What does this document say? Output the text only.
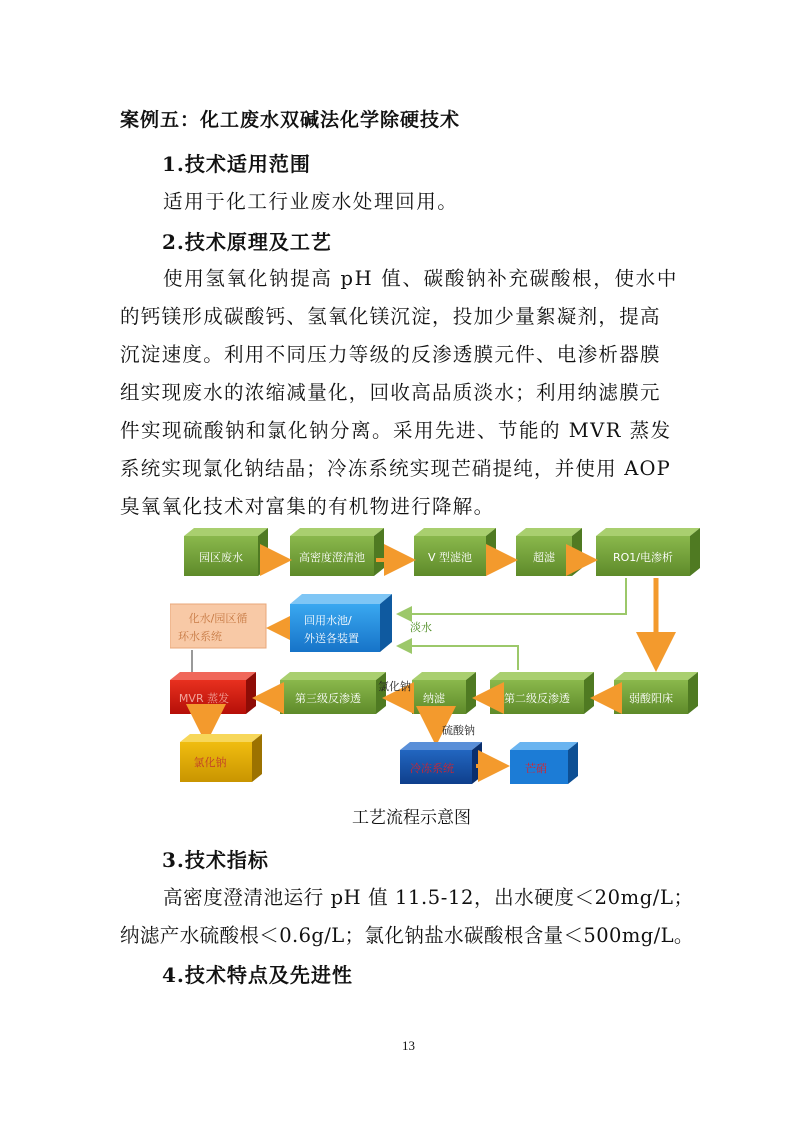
案例五：化工废水双碱法化学除硬技术
1.技术适用范围
适用于化工行业废水处理回用。
2.技术原理及工艺
使用氢氧化钠提高 pH 值、碳酸钠补充碳酸根，使水中
的钙镁形成碳酸钙、氢氧化镁沉淀，投加少量絮凝剂，提高
沉淀速度。利用不同压力等级的反渗透膜元件、电渗析器膜
组实现废水的浓缩减量化，回收高品质淡水；利用纳滤膜元
件实现硫酸钠和氯化钠分离。采用先进、节能的 MVR 蒸发
系统实现氯化钠结晶；冷冻系统实现芒硝提纯，并使用 AOP
臭氧氧化技术对富集的有机物进行降解。
园区废水	高密度澄清池	V 型滤池	超滤	RO1/电渗析
淡水
化水/园区循
环水系统
回用水池/
外送各装置
弱酸阳床
第二级反渗透
纳滤
第三级反渗透
MVR 蒸发
氯化钠
氯化钠
硫酸钠
冷冻系统	芒硝
工艺流程示意图
3.技术指标
高密度澄清池运行 pH 值 11.5-12，出水硬度＜20mg/L；
纳滤产水硫酸根＜0.6g/L；氯化钠盐水碳酸根含量＜500mg/L。
4.技术特点及先进性
13
